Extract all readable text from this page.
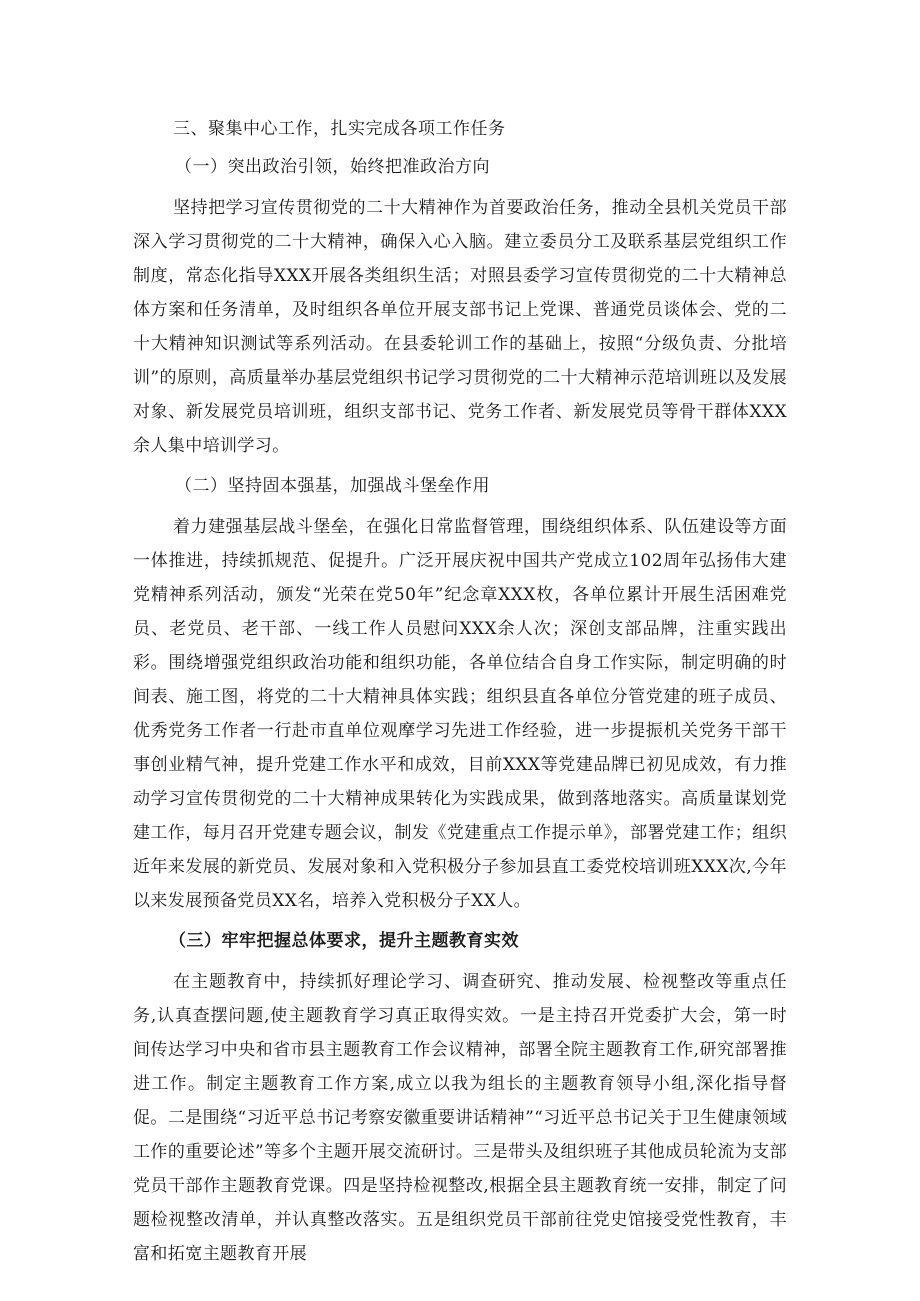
三、聚集中心工作，扎实完成各项工作任务
（一）突出政治引领，始终把准政治方向

坚持把学习宣传贯彻党的二十大精神作为首要政治任务，推动全县机关党员干部深入学习贯彻党的二十大精神，确保入心入脑。建立委员分工及联系基层党组织工作制度，常态化指导XXX开展各类组织生活；对照县委学习宣传贯彻党的二十大精神总体方案和任务清单，及时组织各单位开展支部书记上党课、普通党员谈体会、党的二十大精神知识测试等系列活动。在县委轮训工作的基础上，按照“分级负责、分批培训”的原则，高质量举办基层党组织书记学习贯彻党的二十大精神示范培训班以及发展对象、新发展党员培训班，组织支部书记、党务工作者、新发展党员等骨干群体XXX余人集中培训学习。

（二）坚持固本强基，加强战斗堡垒作用

着力建强基层战斗堡垒，在强化日常监督管理，围绕组织体系、队伍建设等方面一体推进，持续抓规范、促提升。广泛开展庆祝中国共产党成立102周年弘扬伟大建党精神系列活动，颁发“光荣在党50年”纪念章XXX枚，各单位累计开展生活困难党员、老党员、老干部、一线工作人员慰问XXX余人次；深创支部品牌，注重实践出彩。围绕增强党组织政治功能和组织功能，各单位结合自身工作实际，制定明确的时间表、施工图，将党的二十大精神具体实践；组织县直各单位分管党建的班子成员、优秀党务工作者一行赴市直单位观摩学习先进工作经验，进一步提振机关党务干部干事创业精气神，提升党建工作水平和成效，目前XXX等党建品牌已初见成效，有力推动学习宣传贯彻党的二十大精神成果转化为实践成果，做到落地落实。高质量谋划党建工作，每月召开党建专题会议，制发《党建重点工作提示单》，部署党建工作；组织近年来发展的新党员、发展对象和入党积极分子参加县直工委党校培训班XXX次,今年以来发展预备党员XX名，培养入党积极分子XX人。

（三）牢牢把握总体要求，提升主题教育实效

在主题教育中，持续抓好理论学习、调查研究、推动发展、检视整改等重点任务,认真查摆问题,使主题教育学习真正取得实效。一是主持召开党委扩大会，第一时间传达学习中央和省市县主题教育工作会议精神，部署全院主题教育工作,研究部署推进工作。制定主题教育工作方案,成立以我为组长的主题教育领导小组,深化指导督促。二是围绕“习近平总书记考察安徽重要讲话精神”“习近平总书记关于卫生健康领域工作的重要论述”等多个主题开展交流研讨。三是带头及组织班子其他成员轮流为支部党员干部作主题教育党课。四是坚持检视整改,根据全县主题教育统一安排，制定了问题检视整改清单，并认真整改落实。五是组织党员干部前往党史馆接受党性教育，丰富和拓宽主题教育开展
